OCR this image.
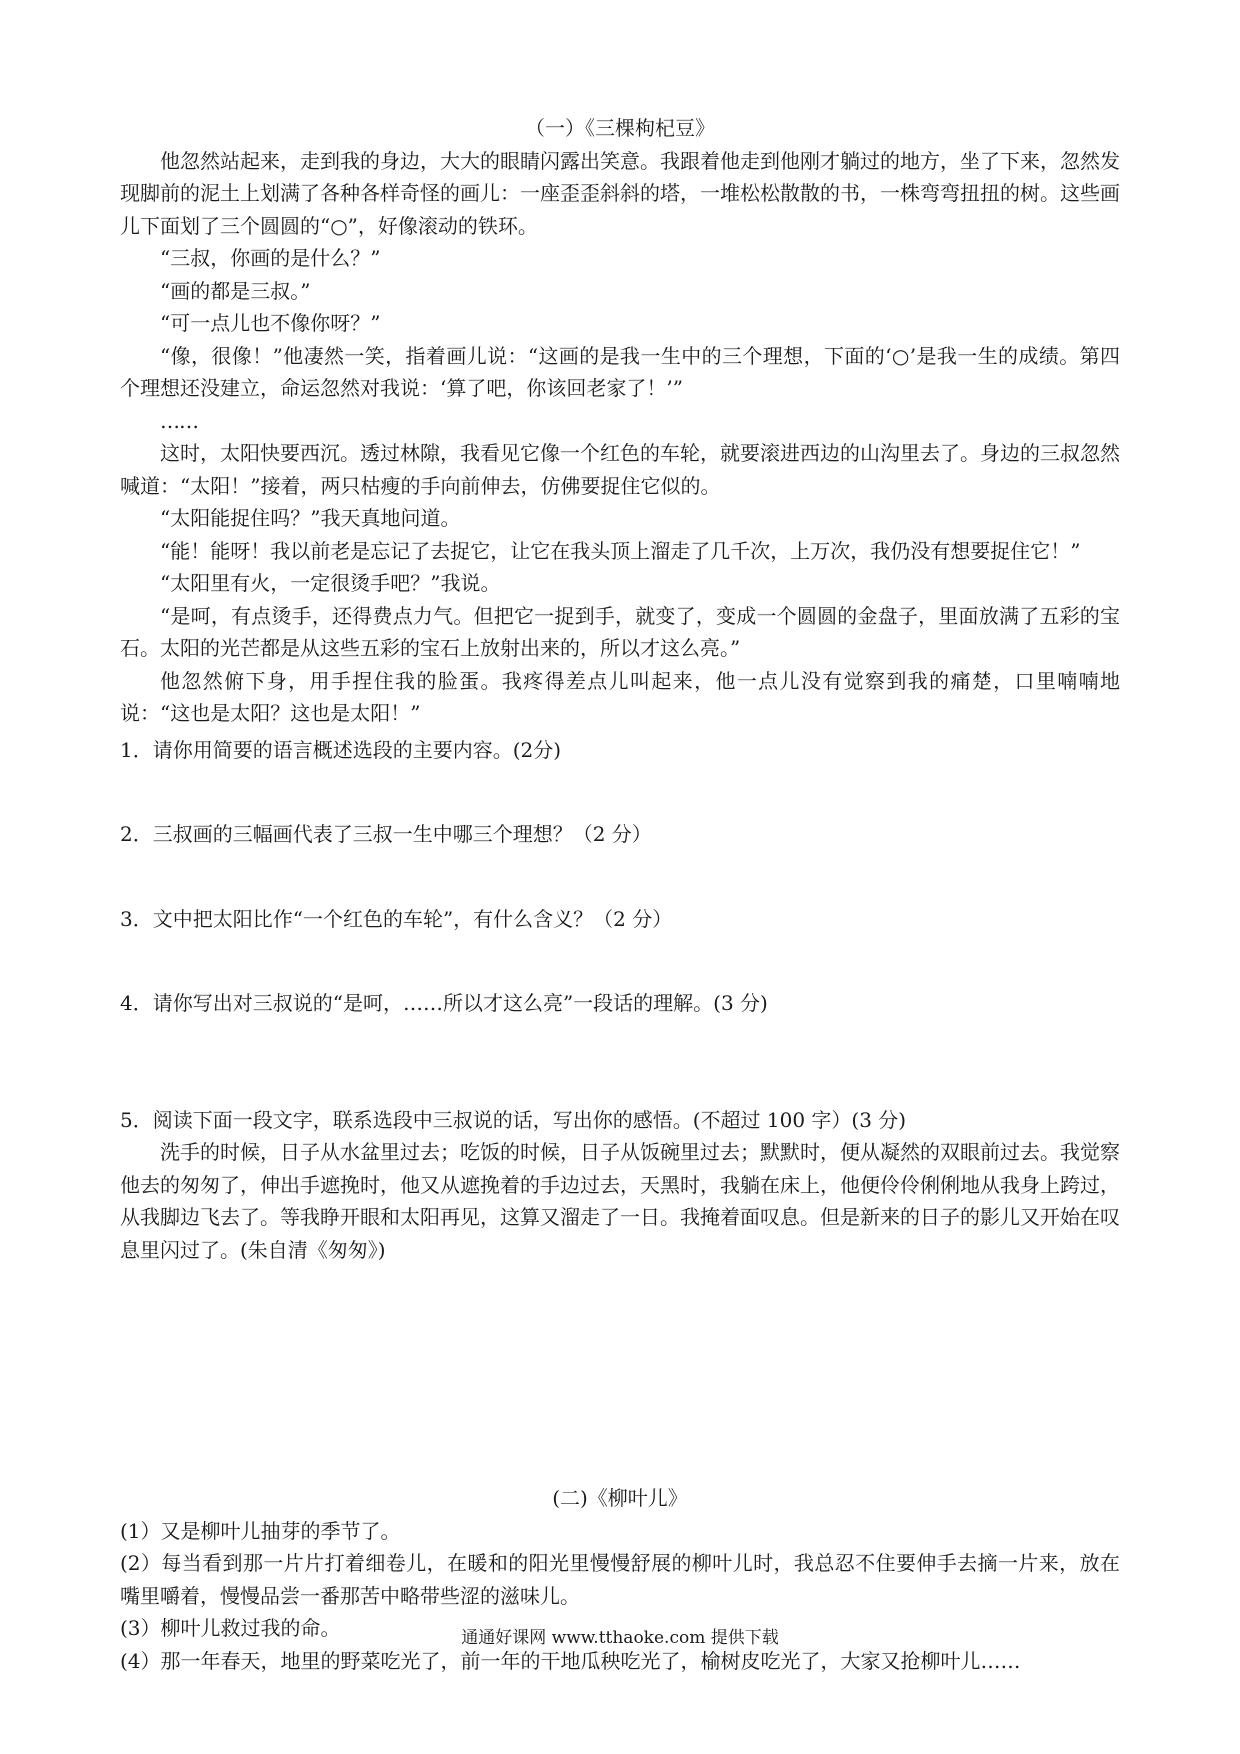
（一）《三棵枸杞豆》

他忽然站起来，走到我的身边，大大的眼睛闪露出笑意。我跟着他走到他刚才躺过的地方，坐了下来，忽然发现脚前的泥土上划满了各种各样奇怪的画儿：一座歪歪斜斜的塔，一堆松松散散的书，一株弯弯扭扭的树。这些画儿下面划了三个圆圆的“○”，好像滚动的铁环。

“三叔，你画的是什么？”

“画的都是三叔。”

“可一点儿也不像你呀？”

“像，很像！”他凄然一笑，指着画儿说：“这画的是我一生中的三个理想，下面的‘○’是我一生的成绩。第四个理想还没建立，命运忽然对我说：‘算了吧，你该回老家了！’”

……

这时，太阳快要西沉。透过林隙，我看见它像一个红色的车轮，就要滚进西边的山沟里去了。身边的三叔忽然喊道：“太阳！”接着，两只枯瘦的手向前伸去，仿佛要捉住它似的。

“太阳能捉住吗？”我天真地问道。

“能！能呀！我以前老是忘记了去捉它，让它在我头顶上溜走了几千次，上万次，我仍没有想要捉住它！”

“太阳里有火，一定很烫手吧？”我说。

“是呵，有点烫手，还得费点力气。但把它一捉到手，就变了，变成一个圆圆的金盘子，里面放满了五彩的宝石。太阳的光芒都是从这些五彩的宝石上放射出来的，所以才这么亮。”

他忽然俯下身，用手捏住我的脸蛋。我疼得差点儿叫起来，他一点儿没有觉察到我的痛楚，口里喃喃地说：“这也是太阳？这也是太阳！”

1．请你用简要的语言概述选段的主要内容。(2分)

2．三叔画的三幅画代表了三叔一生中哪三个理想？（2 分）

3．文中把太阳比作“一个红色的车轮”，有什么含义？（2 分）

4．请你写出对三叔说的“是呵，……所以才这么亮”一段话的理解。(3 分)

5．阅读下面一段文字，联系选段中三叔说的话，写出你的感悟。(不超过 100 字）(3 分)

洗手的时候，日子从水盆里过去；吃饭的时候，日子从饭碗里过去；默默时，便从凝然的双眼前过去。我觉察他去的匆匆了，伸出手遮挽时，他又从遮挽着的手边过去，天黑时，我躺在床上，他便伶伶俐俐地从我身上跨过，从我脚边飞去了。等我睁开眼和太阳再见，这算又溜走了一日。我掩着面叹息。但是新来的日子的影儿又开始在叹息里闪过了。(朱自清《匆匆》)

(二)《柳叶儿》

(1）又是柳叶儿抽芽的季节了。

(2）每当看到那一片片打着细卷儿，在暖和的阳光里慢慢舒展的柳叶儿时，我总忍不住要伸手去摘一片来，放在嘴里嚼着，慢慢品尝一番那苦中略带些涩的滋味儿。

(3）柳叶儿救过我的命。

(4）那一年春天，地里的野菜吃光了，前一年的干地瓜秧吃光了，榆树皮吃光了，大家又抢柳叶儿……

通通好课网 www.tthaoke.com 提供下载
